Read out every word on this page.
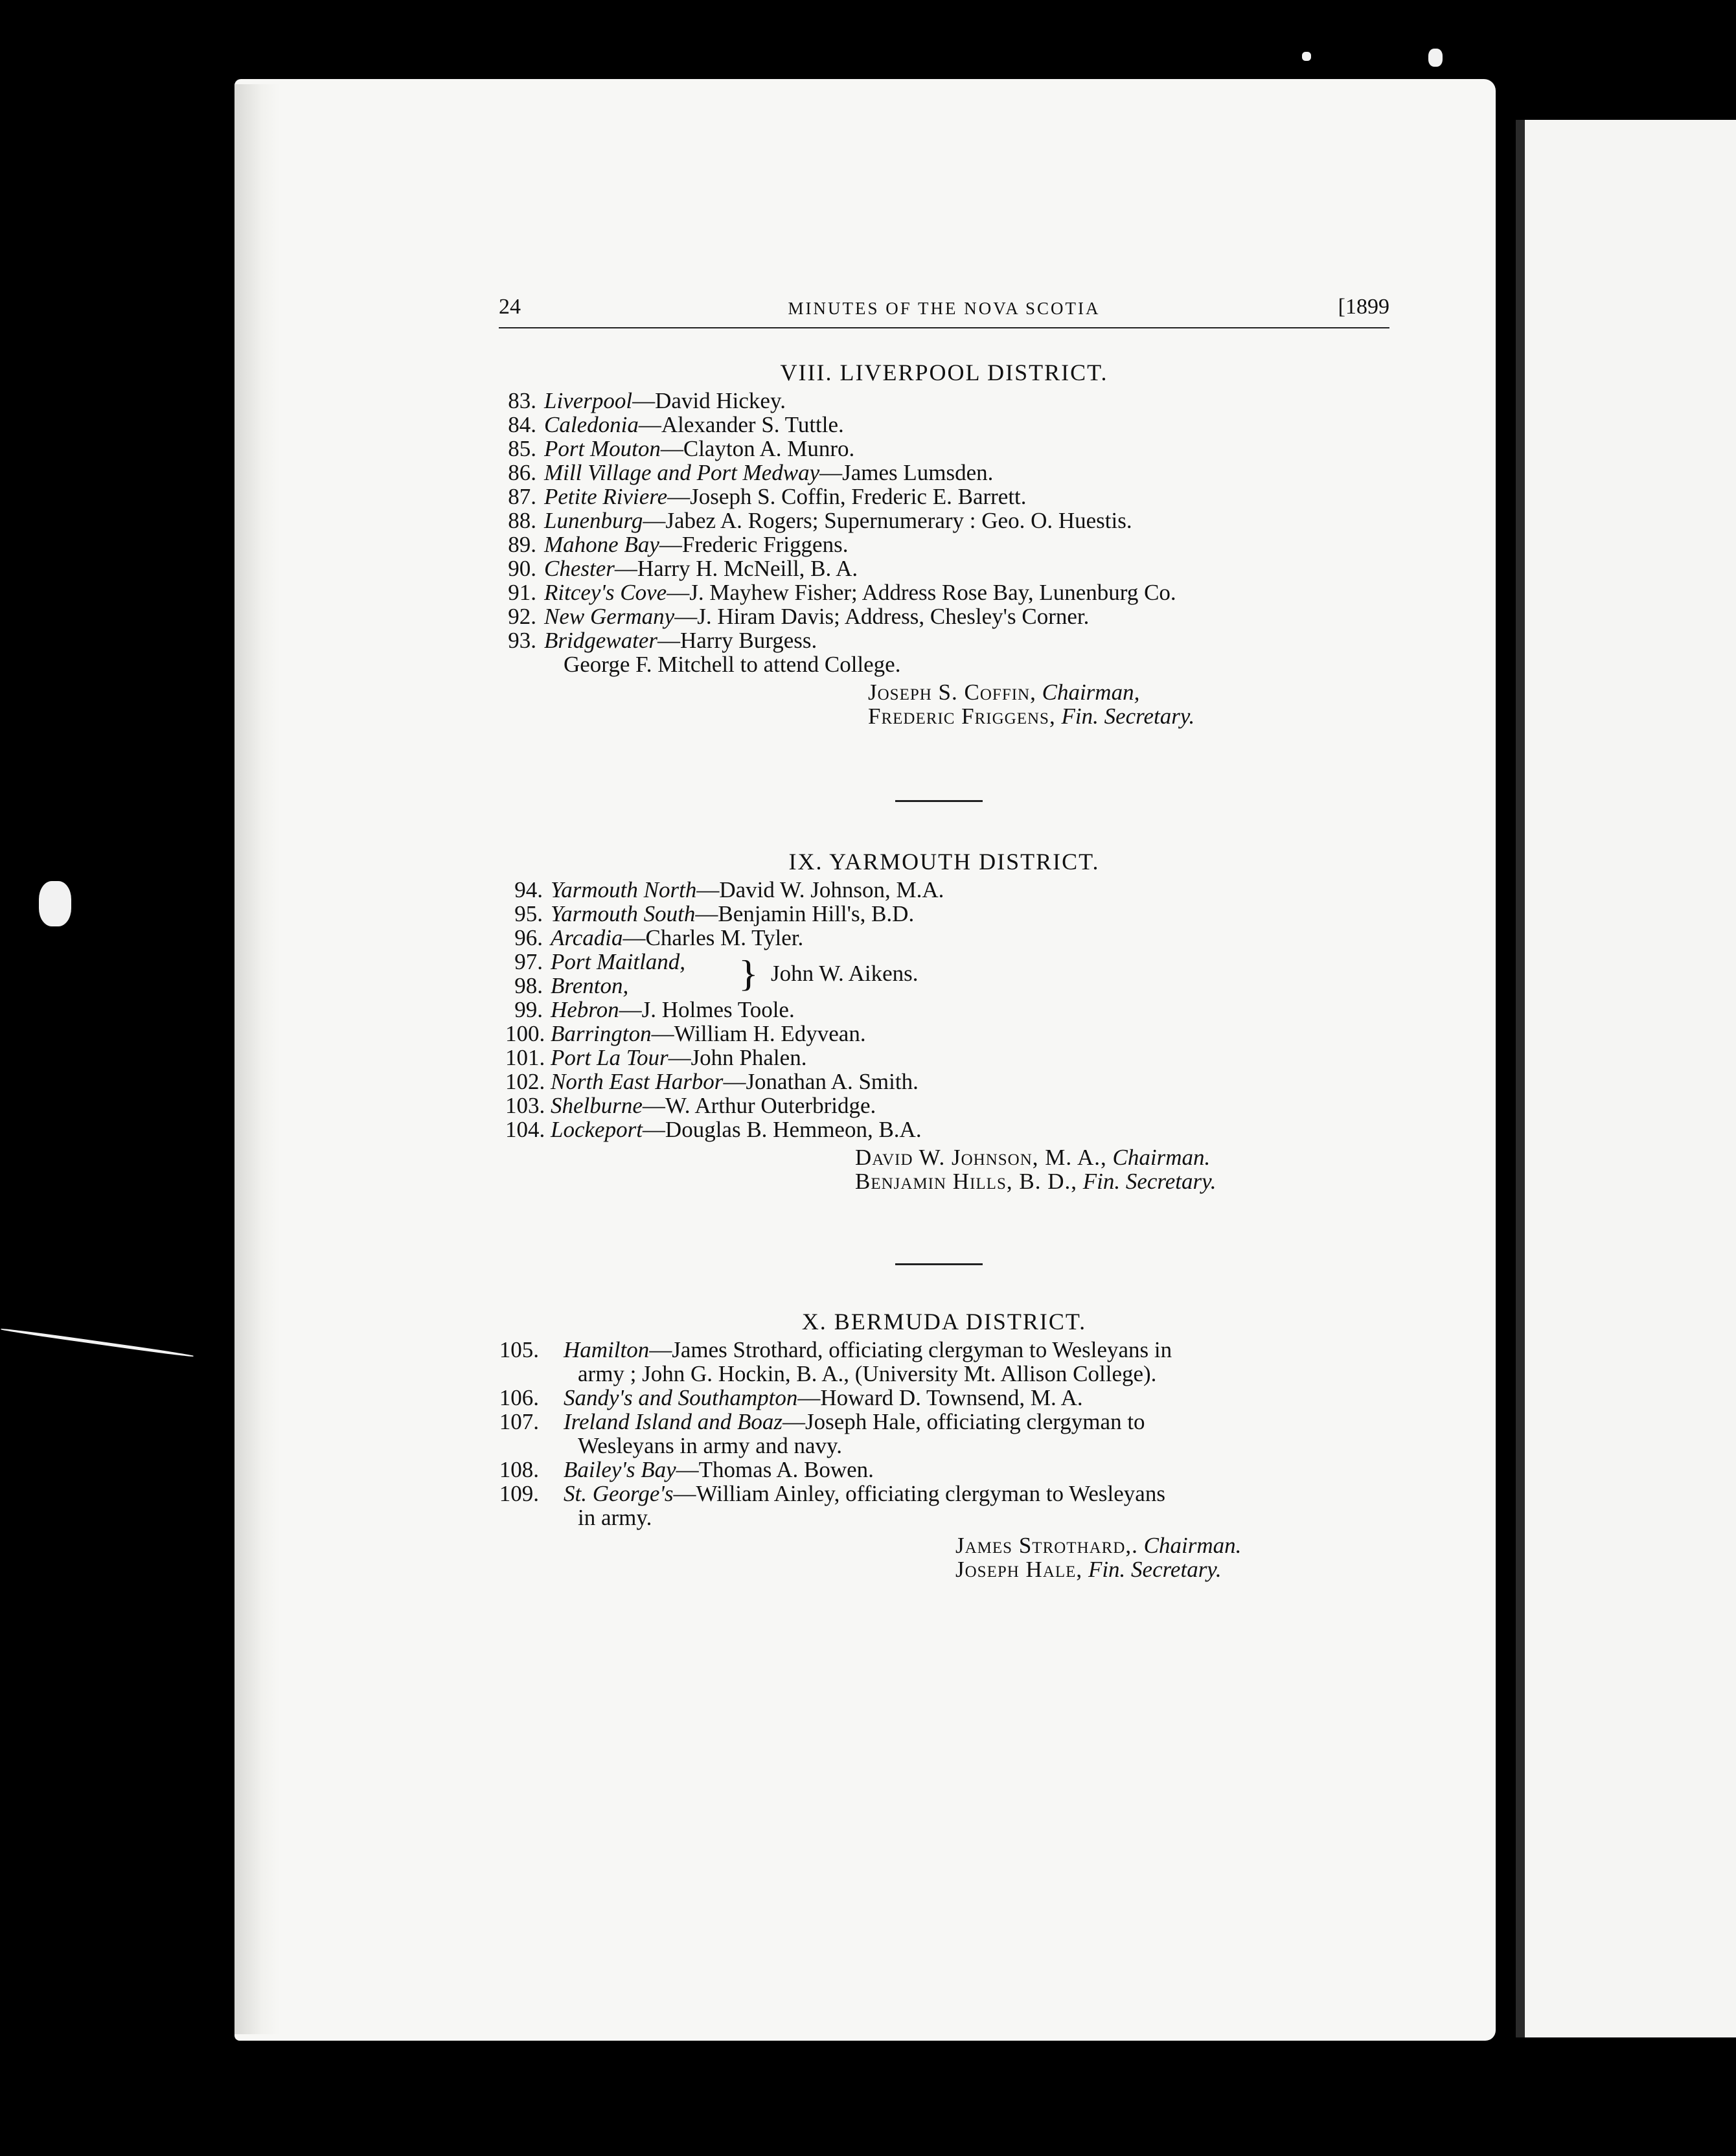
24	MINUTES OF THE NOVA SCOTIA	[1899
VIII. LIVERPOOL DISTRICT.
83. Liverpool—David Hickey.
84. Caledonia—Alexander S. Tuttle.
85. Port Mouton—Clayton A. Munro.
86. Mill Village and Port Medway—James Lumsden.
87. Petite Riviere—Joseph S. Coffin, Frederic E. Barrett.
88. Lunenburg—Jabez A. Rogers; Supernumerary : Geo. O. Huestis.
89. Mahone Bay—Frederic Friggens.
90. Chester—Harry H. McNeill, B. A.
91. Ritcey's Cove—J. Mayhew Fisher; Address Rose Bay, Lunenburg Co.
92. New Germany—J. Hiram Davis; Address, Chesley's Corner.
93. Bridgewater—Harry Burgess.
George F. Mitchell to attend College.
Joseph S. Coffin, Chairman,
Frederic Friggens, Fin. Secretary.
IX. YARMOUTH DISTRICT.
94. Yarmouth North—David W. Johnson, M.A.
95. Yarmouth South—Benjamin Hill's, B.D.
96. Arcadia—Charles M. Tyler.
97. Port Maitland,
98. Brenton,	} John W. Aikens.
99. Hebron—J. Holmes Toole.
100. Barrington—William H. Edyvean.
101. Port La Tour—John Phalen.
102. North East Harbor—Jonathan A. Smith.
103. Shelburne—W. Arthur Outerbridge.
104. Lockeport—Douglas B. Hemmeon, B.A.
David W. Johnson, M. A., Chairman.
Benjamin Hills, B. D., Fin. Secretary.
X. BERMUDA DISTRICT.
105. Hamilton—James Strothard, officiating clergyman to Wesleyans in
army ; John G. Hockin, B. A., (University Mt. Allison College).
106. Sandy's and Southampton—Howard D. Townsend, M. A.
107. Ireland Island and Boaz—Joseph Hale, officiating clergyman to
Wesleyans in army and navy.
108. Bailey's Bay—Thomas A. Bowen.
109. St. George's—William Ainley, officiating clergyman to Wesleyans
in army.
James Strothard,. Chairman.
Joseph Hale, Fin. Secretary.
